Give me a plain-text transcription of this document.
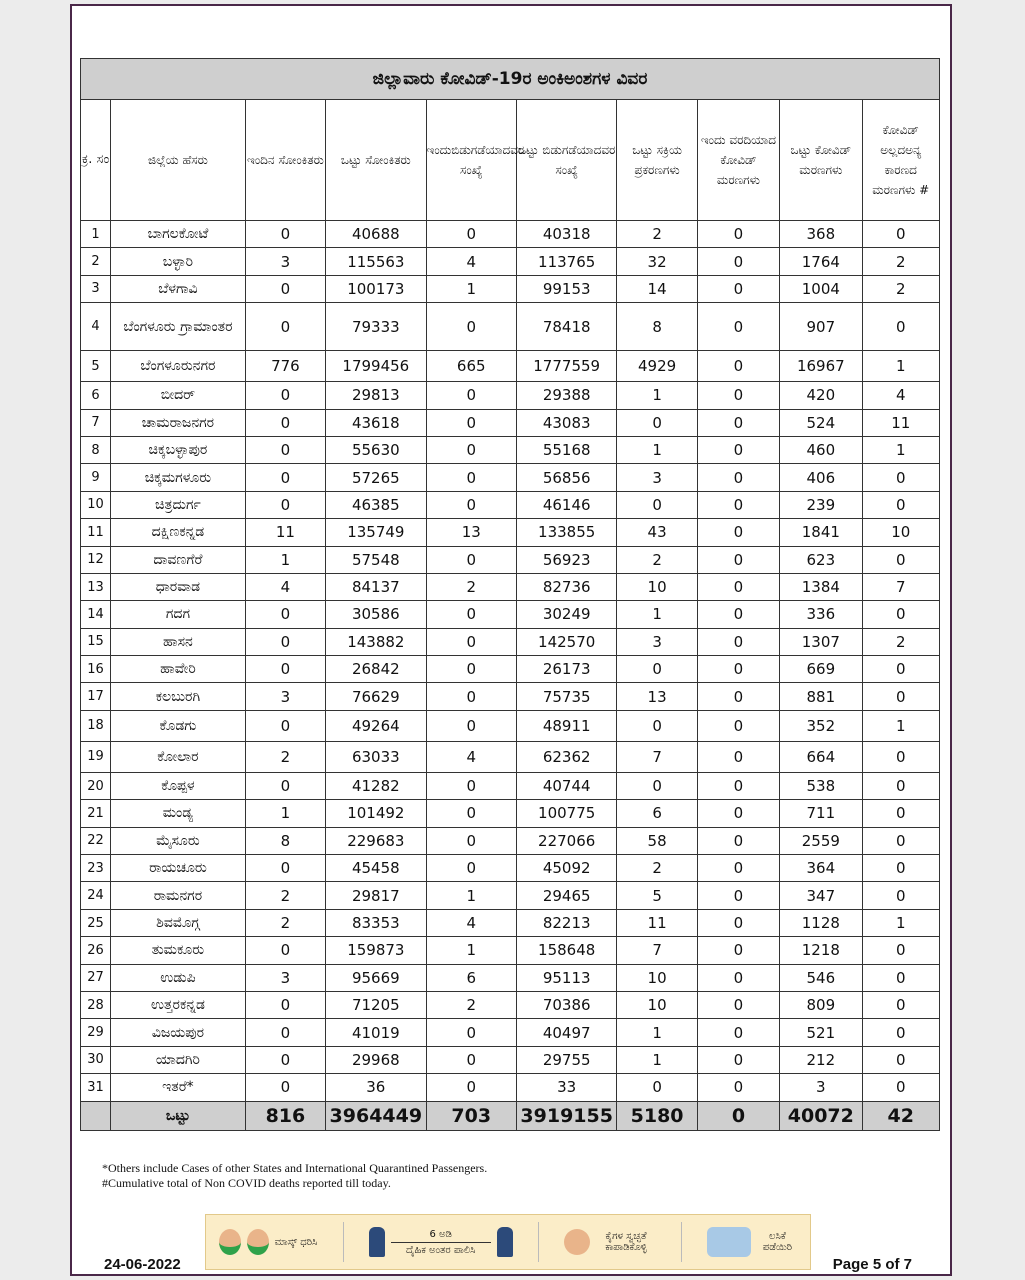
ಜಿಲ್ಲಾವಾರು ಕೋವಿಡ್-19ರ ಅಂಕಿಅಂಶಗಳ ವಿವರ									
ಕ್ರ. ಸಂ	ಜಿಲ್ಲೆಯ ಹೆಸರು	ಇಂದಿನ ಸೋಂಕಿತರು	ಒಟ್ಟು ಸೋಂಕಿತರು	ಇಂದುಬಿಡುಗಡೆಯಾದವರ ಸಂಖ್ಯೆ	ಒಟ್ಟು ಬಿಡುಗಡೆಯಾದವರ ಸಂಖ್ಯೆ	ಒಟ್ಟು ಸಕ್ರಿಯ ಪ್ರಕರಣಗಳು	ಇಂದು ವರದಿಯಾದ ಕೋವಿಡ್ ಮರಣಗಳು	ಒಟ್ಟು ಕೋವಿಡ್ ಮರಣಗಳು	ಕೋವಿಡ್ ಅಲ್ಲದಅನ್ಯ ಕಾರಣದ ಮರಣಗಳು #
1	ಬಾಗಲಕೋಟೆ	0	40688	0	40318	2	0	368	0
2	ಬಳ್ಳಾರಿ	3	115563	4	113765	32	0	1764	2
3	ಬೆಳಗಾವಿ	0	100173	1	99153	14	0	1004	2
4	ಬೆಂಗಳೂರು ಗ್ರಾಮಾಂತರ	0	79333	0	78418	8	0	907	0
5	ಬೆಂಗಳೂರುನಗರ	776	1799456	665	1777559	4929	0	16967	1
6	ಬೀದರ್	0	29813	0	29388	1	0	420	4
7	ಚಾಮರಾಜನಗರ	0	43618	0	43083	0	0	524	11
8	ಚಿಕ್ಕಬಳ್ಳಾಪುರ	0	55630	0	55168	1	0	460	1
9	ಚಿಕ್ಕಮಗಳೂರು	0	57265	0	56856	3	0	406	0
10	ಚಿತ್ರದುರ್ಗ	0	46385	0	46146	0	0	239	0
11	ದಕ್ಷಿಣಕನ್ನಡ	11	135749	13	133855	43	0	1841	10
12	ದಾವಣಗೆರೆ	1	57548	0	56923	2	0	623	0
13	ಧಾರವಾಡ	4	84137	2	82736	10	0	1384	7
14	ಗದಗ	0	30586	0	30249	1	0	336	0
15	ಹಾಸನ	0	143882	0	142570	3	0	1307	2
16	ಹಾವೇರಿ	0	26842	0	26173	0	0	669	0
17	ಕಲಬುರಗಿ	3	76629	0	75735	13	0	881	0
18	ಕೊಡಗು	0	49264	0	48911	0	0	352	1
19	ಕೋಲಾರ	2	63033	4	62362	7	0	664	0
20	ಕೊಪ್ಪಳ	0	41282	0	40744	0	0	538	0
21	ಮಂಡ್ಯ	1	101492	0	100775	6	0	711	0
22	ಮೈಸೂರು	8	229683	0	227066	58	0	2559	0
23	ರಾಯಚೂರು	0	45458	0	45092	2	0	364	0
24	ರಾಮನಗರ	2	29817	1	29465	5	0	347	0
25	ಶಿವಮೊಗ್ಗ	2	83353	4	82213	11	0	1128	1
26	ತುಮಕೂರು	0	159873	1	158648	7	0	1218	0
27	ಉಡುಪಿ	3	95669	6	95113	10	0	546	0
28	ಉತ್ತರಕನ್ನಡ	0	71205	2	70386	10	0	809	0
29	ವಿಜಯಪುರ	0	41019	0	40497	1	0	521	0
30	ಯಾದಗಿರಿ	0	29968	0	29755	1	0	212	0
31	ಇತರೆ*	0	36	0	33	0	0	3	0
	ಒಟ್ಟು	816	3964449	703	3919155	5180	0	40072	42
*Others include Cases of other States and International Quarantined Passengers.
#Cumulative total of Non COVID deaths reported till today.
ಮಾಸ್ಕ್ ಧರಿಸಿ
6 ಅಡಿ
ದೈಹಿಕ ಅಂತರ ಪಾಲಿಸಿ
ಕೈಗಳ ಸ್ವಚ್ಛತೆ ಕಾಪಾಡಿಕೊಳ್ಳಿ
ಲಸಿಕೆ ಪಡೆಯಿರಿ
24-06-2022	Page 5 of 7
